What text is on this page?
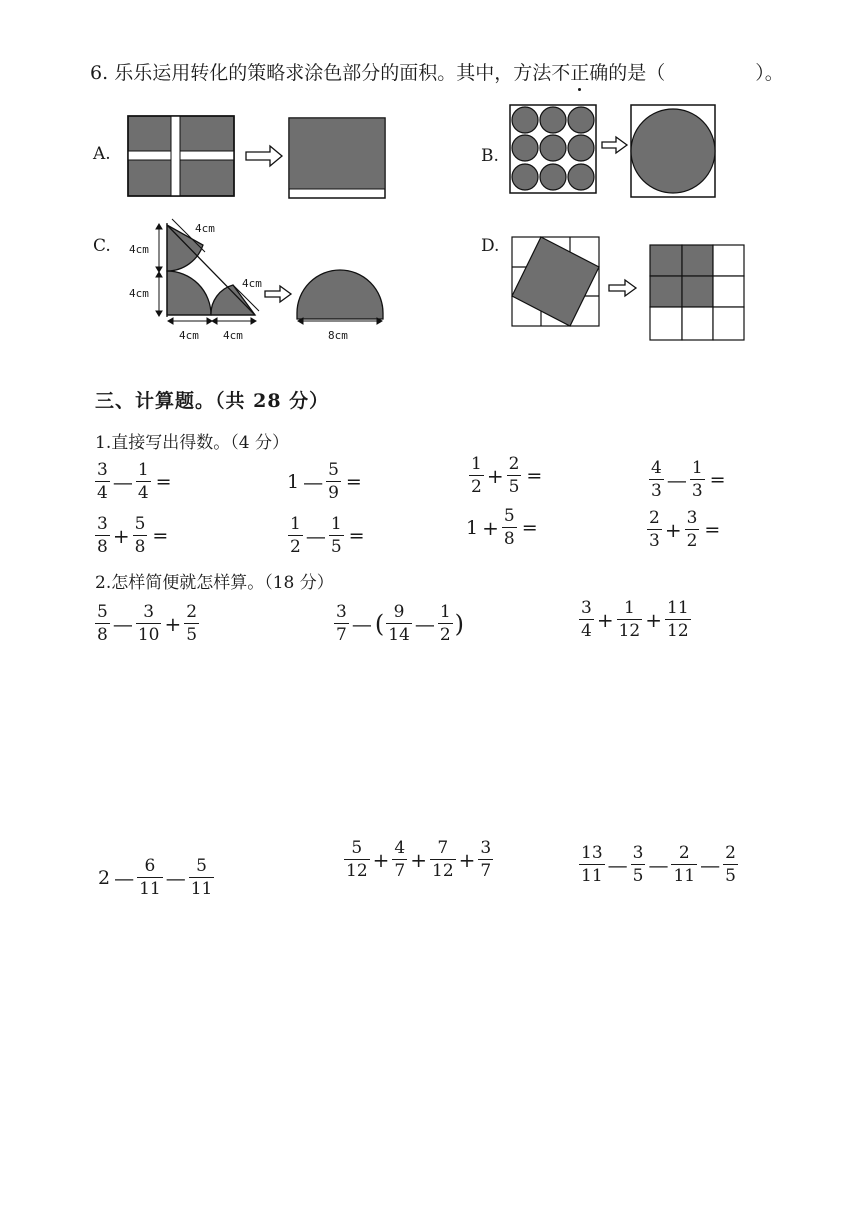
6. 乐乐运用转化的策略求涂色部分的面积。其中，方法不正确的是（	）。
A.	B.
C. 4cm
4cm
4cm
4cm
4cm 4cm	8cm
D.
三、计算题。（共 28 分）
1.直接写出得数。（4 分）
$\frac{3}{4}$ — $\frac{1}{4}$ =	1 — $\frac{5}{9}$ =	$\frac{1}{2} + \frac{2}{5}$ =	$\frac{4}{3}$ — $\frac{1}{3}$ =
$\frac{3}{8} + \frac{5}{8}$ =	$\frac{1}{2}$ — $\frac{1}{5}$ =	$1 + \frac{5}{8}$ =	$\frac{2}{3} + \frac{3}{2}$ =
2.怎样简便就怎样算。（18 分）
$\frac{5}{8}$ — $\frac{3}{10} + \frac{2}{5}$	$\frac{3}{7}$ — ( $\frac{9}{14}$ — $\frac{1}{2}$ )	$\frac{3}{4} + \frac{1}{12} + \frac{11}{12}$
2 — $\frac{6}{11}$ — $\frac{5}{11}$	$\frac{5}{12} + \frac{4}{7} + \frac{7}{12} + \frac{3}{7}$	$\frac{13}{11}$ — $\frac{3}{5}$ — $\frac{2}{11}$ — $\frac{2}{5}$
